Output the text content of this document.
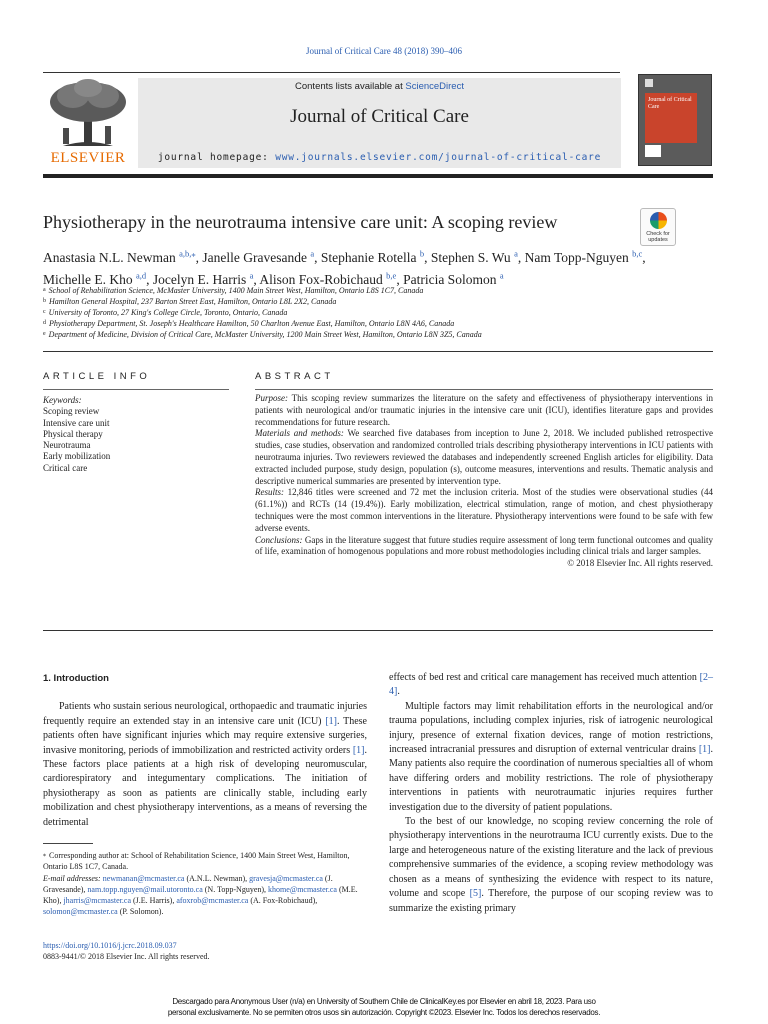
Journal of Critical Care 48 (2018) 390–406
ELSEVIER
Contents lists available at ScienceDirect
Journal of Critical Care
journal homepage: www.journals.elsevier.com/journal-of-critical-care
Journal of Critical Care
Physiotherapy in the neurotrauma intensive care unit: A scoping review
Check for updates
Anastasia N.L. Newman $^{a,b,⁎}$, Janelle Gravesande $^a$, Stephanie Rotella $^b$, Stephen S. Wu $^a$, Nam Topp-Nguyen $^{b,c}$,
Michelle E. Kho $^{a,d}$, Jocelyn E. Harris $^a$, Alison Fox-Robichaud $^{b,e}$, Patricia Solomon $^a$
$^a$ School of Rehabilitation Science, McMaster University, 1400 Main Street West, Hamilton, Ontario L8S 1C7, Canada
$^b$ Hamilton General Hospital, 237 Barton Street East, Hamilton, Ontario L8L 2X2, Canada
$^c$ University of Toronto, 27 King's College Circle, Toronto, Ontario, Canada
$^d$ Physiotherapy Department, St. Joseph's Healthcare Hamilton, 50 Charlton Avenue East, Hamilton, Ontario L8N 4A6, Canada
$^e$ Department of Medicine, Division of Critical Care, McMaster University, 1200 Main Street West, Hamilton, Ontario L8N 3Z5, Canada
ARTICLE INFO	ABSTRACT
Keywords:
Scoping review
Intensive care unit
Physical therapy
Neurotrauma
Early mobilization
Critical care

Purpose: This scoping review summarizes the literature on the safety and effectiveness of physiotherapy interventions in patients with neurological and/or traumatic injuries in the intensive care unit (ICU), identifies literature gaps and provides recommendations for future research.

Materials and methods: We searched five databases from inception to June 2, 2018. We included published retrospective studies, case studies, observation and randomized controlled trials describing physiotherapy interventions in ICU patients with neurotrauma injuries. Two reviewers reviewed the databases and independently screened English articles for eligibility. Data extracted included purpose, study design, population (s), outcome measures, interventions and results. Thematic analysis and descriptive numerical summaries are presented by intervention type.

Results: 12,846 titles were screened and 72 met the inclusion criteria. Most of the studies were observational studies (44 (61.1%)) and RCTs (14 (19.4%)). Early mobilization, electrical stimulation, range of motion, and chest physiotherapy techniques were the most common interventions in the literature. Physiotherapy interventions were found to be safe with few adverse events.

Conclusions: Gaps in the literature suggest that future studies require assessment of long term functional outcomes and quality of life, examination of homogenous populations and more robust methodologies including clinical trials and larger samples.

© 2018 Elsevier Inc. All rights reserved.

1. Introduction

Patients who sustain serious neurological, orthopaedic and traumatic injuries frequently require an extended stay in an intensive care unit (ICU) [1]. These patients often have significant injuries which may require extensive surgeries, invasive monitoring, periods of immobilization and restricted activity orders [1]. These factors place patients at a high risk of developing neuromuscular, cardiorespiratory and integumentary complications. The initiation of physiotherapy as soon as patients are clinically stable, including early mobilization and chest physiotherapy interventions, as a means of reversing the detrimental

effects of bed rest and critical care management has received much attention [2–4].

Multiple factors may limit rehabilitation efforts in the neurological and/or trauma populations, including complex injuries, risk of iatrogenic neurological injury, presence of external fixation devices, range of motion restrictions, increased intracranial pressures and disruption of external ventricular drains [1]. Many patients also require the coordination of numerous specialties all of whom have differing orders and mobility restrictions. The role of physiotherapy interventions in patients with neurotraumatic injuries requires further investigation due to the diversity of patient populations.

To the best of our knowledge, no scoping review concerning the role of physiotherapy interventions in the neurotrauma ICU currently exists. Due to the large and heterogeneous nature of the existing literature and the lack of previous comprehensive summaries of the evidence, a scoping review methodology was chosen as a means of synthesizing the evidence with respect to its nature, volume and scope [5]. Therefore, the purpose of our scoping review was to summarize the existing primary

⁎ Corresponding author at: School of Rehabilitation Science, 1400 Main Street West, Hamilton, Ontario L8S 1C7, Canada.
E-mail addresses: newmanan@mcmaster.ca (A.N.L. Newman), gravesja@mcmaster.ca (J. Gravesande), nam.topp.nguyen@mail.utoronto.ca (N. Topp-Nguyen), khome@mcmaster.ca (M.E. Kho), jharris@mcmaster.ca (J.E. Harris), afoxrob@mcmaster.ca (A. Fox-Robichaud), solomon@mcmaster.ca (P. Solomon).
https://doi.org/10.1016/j.jcrc.2018.09.037
0883-9441/© 2018 Elsevier Inc. All rights reserved.
Descargado para Anonymous User (n/a) en University of Southern Chile de ClinicalKey.es por Elsevier en abril 18, 2023. Para uso
personal exclusivamente. No se permiten otros usos sin autorización. Copyright ©2023. Elsevier Inc. Todos los derechos reservados.
